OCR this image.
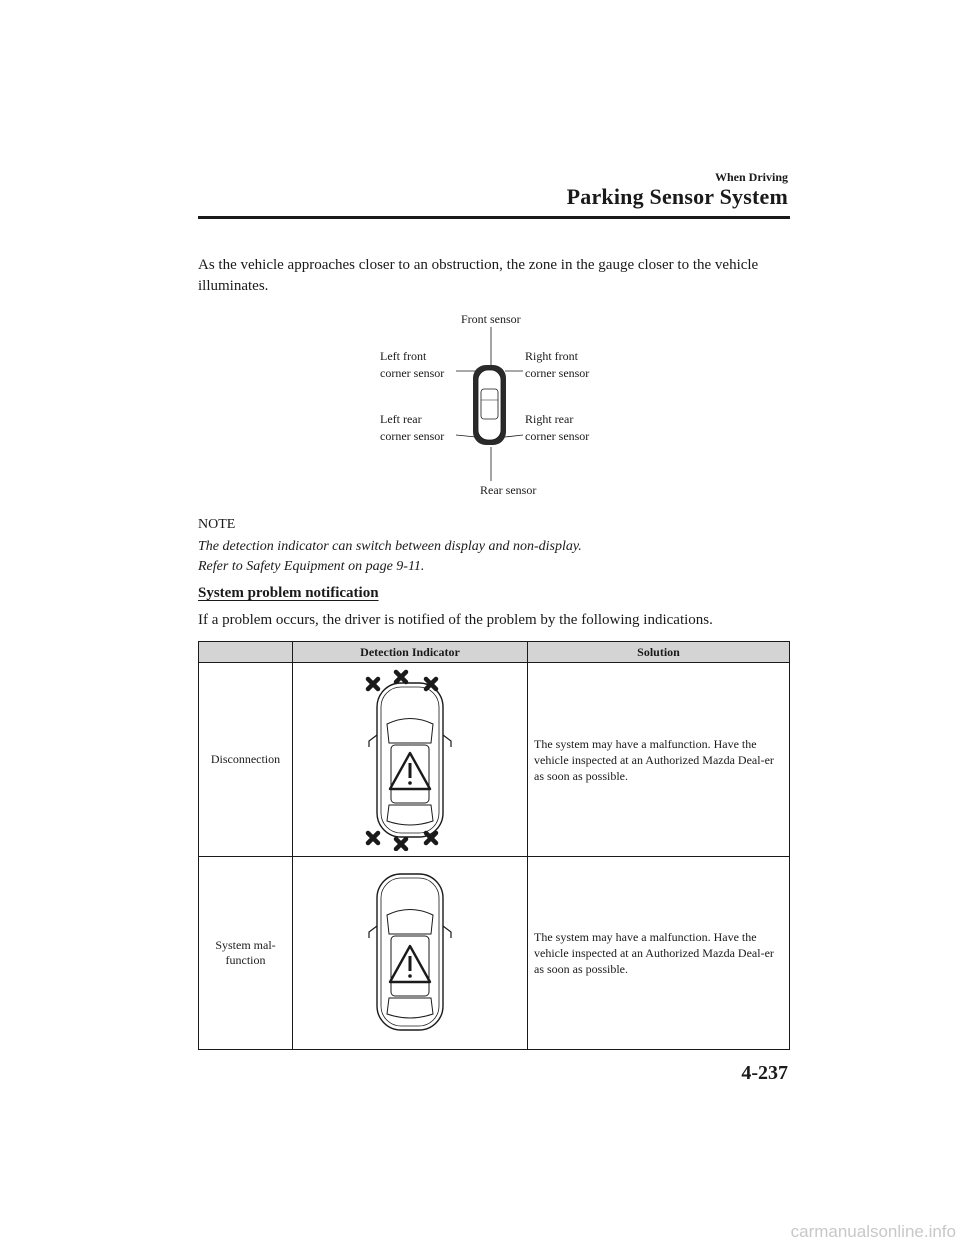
When Driving
Parking Sensor System
As the vehicle approaches closer to an obstruction, the zone in the gauge closer to the vehicle illuminates.
Front sensor
Left front
corner sensor
Right front
corner sensor
Left rear
corner sensor
Right rear
corner sensor
Rear sensor
NOTE
The detection indicator can switch between display and non-display.
Refer to Safety Equipment on page 9-11.
System problem notification
If a problem occurs, the driver is notified of the problem by the following indications.
	Detection Indicator	Solution
Disconnection		The system may have a malfunction. Have the vehicle inspected at an Authorized Mazda Deal-er as soon as possible.
System mal-function		The system may have a malfunction. Have the vehicle inspected at an Authorized Mazda Deal-er as soon as possible.
4-237
carmanualsonline.info
